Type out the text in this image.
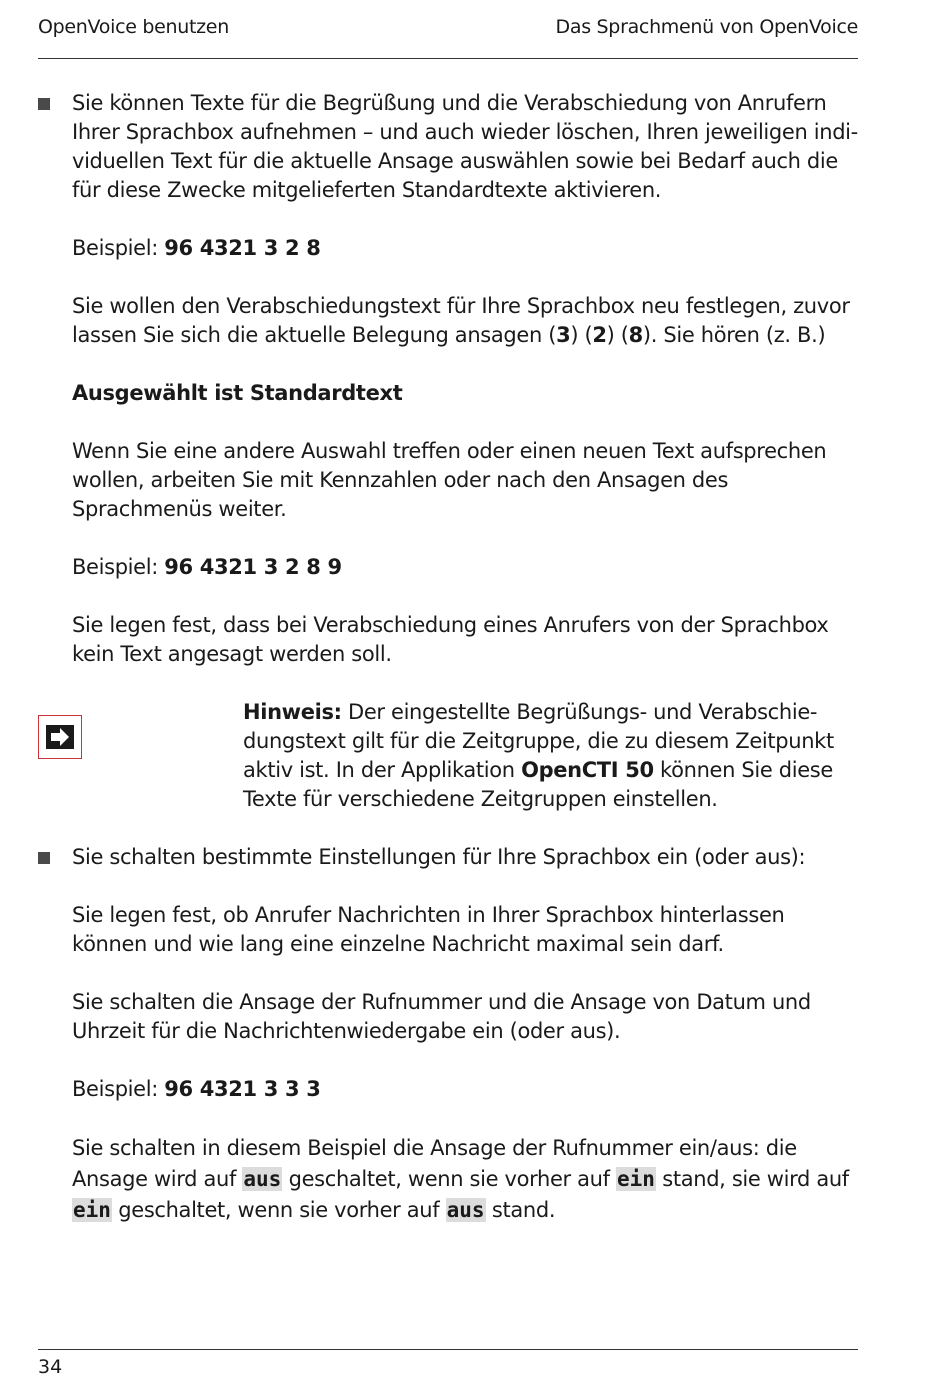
OpenVoice benutzen	Das Sprachmenü von OpenVoice

Sie können Texte für die Begrüßung und die Verabschiedung von Anrufern Ihrer Sprachbox aufnehmen – und auch wieder löschen, Ihren jeweiligen individuellen Text für die aktuelle Ansage auswählen sowie bei Bedarf auch die für diese Zwecke mitgelieferten Standardtexte aktivieren.

Beispiel: 96 4321 3 2 8

Sie wollen den Verabschiedungstext für Ihre Sprachbox neu festlegen, zuvor lassen Sie sich die aktuelle Belegung ansagen (3) (2) (8). Sie hören (z. B.)

Ausgewählt ist Standardtext

Wenn Sie eine andere Auswahl treffen oder einen neuen Text aufsprechen wollen, arbeiten Sie mit Kennzahlen oder nach den Ansagen des Sprachmenüs weiter.

Beispiel: 96 4321 3 2 8 9

Sie legen fest, dass bei Verabschiedung eines Anrufers von der Sprachbox kein Text angesagt werden soll.

Hinweis: Der eingestellte Begrüßungs- und Verabschiedungstext gilt für die Zeitgruppe, die zu diesem Zeitpunkt aktiv ist. In der Applikation OpenCTI 50 können Sie diese Texte für verschiedene Zeitgruppen einstellen.

Sie schalten bestimmte Einstellungen für Ihre Sprachbox ein (oder aus):

Sie legen fest, ob Anrufer Nachrichten in Ihrer Sprachbox hinterlassen können und wie lang eine einzelne Nachricht maximal sein darf.

Sie schalten die Ansage der Rufnummer und die Ansage von Datum und Uhrzeit für die Nachrichtenwiedergabe ein (oder aus).

Beispiel: 96 4321 3 3 3

Sie schalten in diesem Beispiel die Ansage der Rufnummer ein/aus: die Ansage wird auf aus geschaltet, wenn sie vorher auf ein stand, sie wird auf ein geschaltet, wenn sie vorher auf aus stand.

34
